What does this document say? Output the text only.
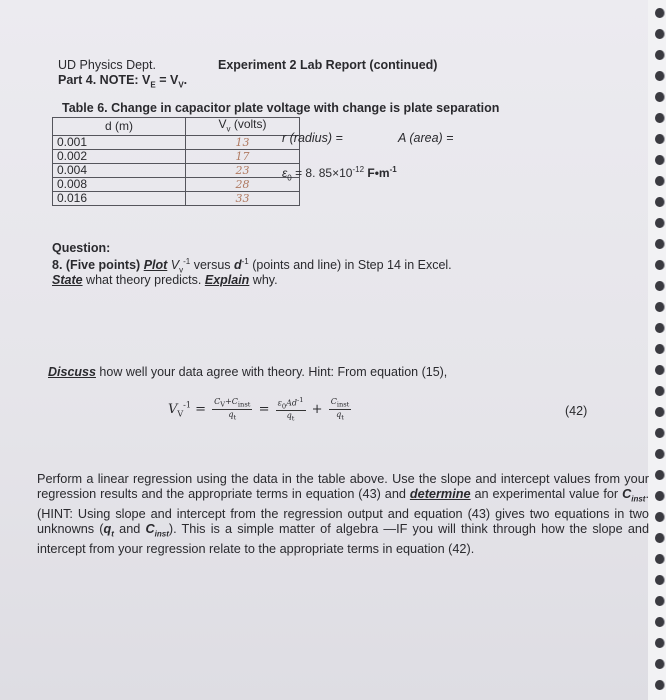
UD Physics Dept.	Experiment 2 Lab Report (continued)
Part 4. NOTE: $V_E = V_V$.
Table 6. Change in capacitor plate voltage with change is plate separation
d (m)	$V_v$ (volts)
0.001	13
0.002	17
0.004	23
0.008	28
0.016	33
r (radius) =	A (area) =
$\varepsilon_0 = 8$. $85\times 10^{-12}$ $F•m^{-1}$
Question:
8. (Five points) Plot $V_v^{-1}$ versus $d^{-1}$ (points and line) in Step 14 in Excel.
State what theory predicts. Explain why.
Discuss how well your data agree with theory. Hint: From equation (15),
$V_V^{-1} = \frac{C_V+C_{inst}}{q_t} = \frac{\varepsilon_0Ad^{-1}}{q_t} + \frac{C_{inst}}{q_t}$	(42)
Perform a linear regression using the data in the table above. Use the slope and intercept values from your regression results and the appropriate terms in equation (43) and determine an experimental value for $C_{inst}$. (HINT: Using slope and intercept from the regression output and equation (43) gives two equations in two unknowns ($q_t$ and $C_{inst}$). This is a simple matter of algebra —IF you will think through how the slope and intercept from your regression relate to the appropriate terms in equation (42).
